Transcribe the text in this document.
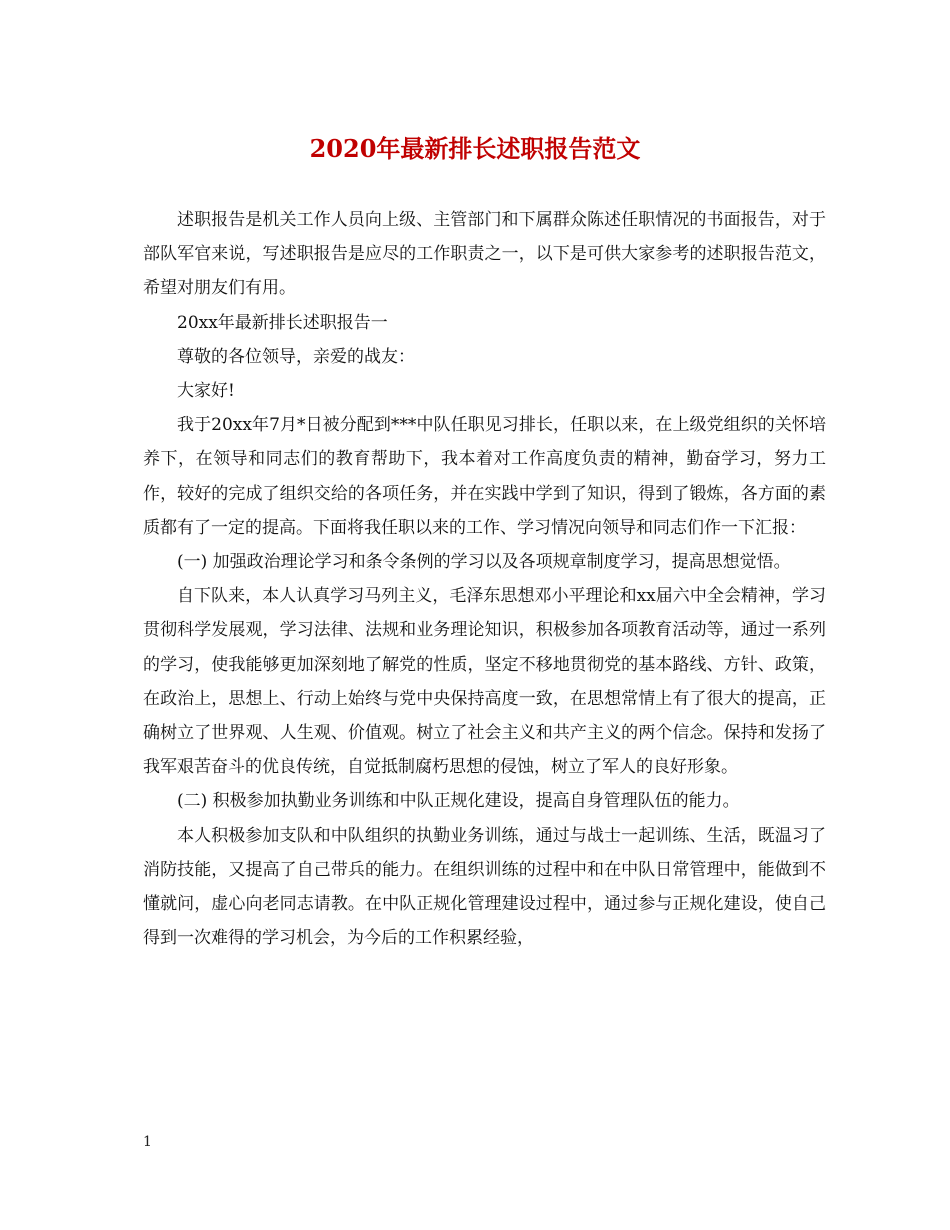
2020年最新排长述职报告范文

述职报告是机关工作人员向上级、主管部门和下属群众陈述任职情况的书面报告，对于部队军官来说，写述职报告是应尽的工作职责之一，以下是可供大家参考的述职报告范文，希望对朋友们有用。

20xx年最新排长述职报告一

尊敬的各位领导，亲爱的战友：

大家好!

我于20xx年7月*日被分配到***中队任职见习排长，任职以来，在上级党组织的关怀培养下，在领导和同志们的教育帮助下，我本着对工作高度负责的精神，勤奋学习，努力工作，较好的完成了组织交给的各项任务，并在实践中学到了知识，得到了锻炼，各方面的素质都有了一定的提高。下面将我任职以来的工作、学习情况向领导和同志们作一下汇报：

(一) 加强政治理论学习和条令条例的学习以及各项规章制度学习，提高思想觉悟。

自下队来，本人认真学习马列主义，毛泽东思想邓小平理论和xx届六中全会精神，学习贯彻科学发展观，学习法律、法规和业务理论知识，积极参加各项教育活动等，通过一系列的学习，使我能够更加深刻地了解党的性质，坚定不移地贯彻党的基本路线、方针、政策，在政治上，思想上、行动上始终与党中央保持高度一致，在思想常情上有了很大的提高，正确树立了世界观、人生观、价值观。树立了社会主义和共产主义的两个信念。保持和发扬了我军艰苦奋斗的优良传统，自觉抵制腐朽思想的侵蚀，树立了军人的良好形象。

(二) 积极参加执勤业务训练和中队正规化建设，提高自身管理队伍的能力。

本人积极参加支队和中队组织的执勤业务训练，通过与战士一起训练、生活，既温习了消防技能，又提高了自己带兵的能力。在组织训练的过程中和在中队日常管理中，能做到不懂就问，虚心向老同志请教。在中队正规化管理建设过程中，通过参与正规化建设，使自己得到一次难得的学习机会，为今后的工作积累经验，

1
